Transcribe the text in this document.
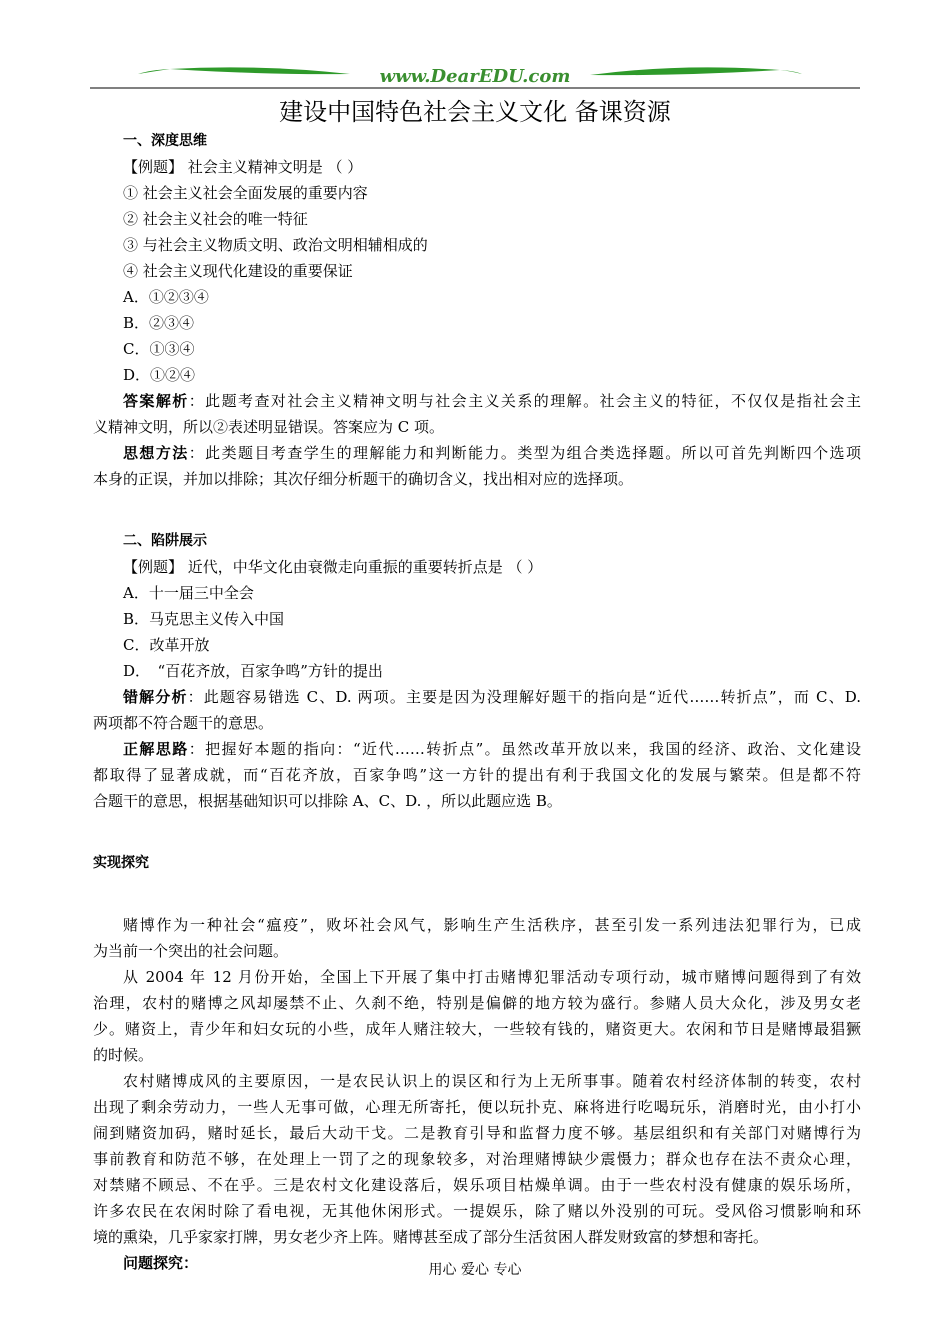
www.DearEDU.com
建设中国特色社会主义文化 备课资源
一、深度思维
【例题】 社会主义精神文明是 （ ）
① 社会主义社会全面发展的重要内容
② 社会主义社会的唯一特征
③ 与社会主义物质文明、政治文明相辅相成的
④ 社会主义现代化建设的重要保证
A．①②③④
B．②③④
C．①③④
D．①②④
答案解析：此题考查对社会主义精神文明与社会主义关系的理解。社会主义的特征，不仅仅是指社会主
义精神文明，所以②表述明显错误。答案应为 C 项。
思想方法：此类题目考查学生的理解能力和判断能力。类型为组合类选择题。所以可首先判断四个选项
本身的正误，并加以排除；其次仔细分析题干的确切含义，找出相对应的选择项。
二、陷阱展示
【例题】 近代，中华文化由衰微走向重振的重要转折点是 （ ）
A．十一届三中全会
B．马克思主义传入中国
C．改革开放
D．　“百花齐放，百家争鸣”方针的提出
错解分析：此题容易错选 C、D. 两项。主要是因为没理解好题干的指向是“近代……转折点”，而 C、D.
两项都不符合题干的意思。
正解思路：把握好本题的指向：“近代……转折点”。虽然改革开放以来，我国的经济、政治、文化建设
都取得了显著成就，而“百花齐放，百家争鸣”这一方针的提出有利于我国文化的发展与繁荣。但是都不符
合题干的意思，根据基础知识可以排除 A、C、D. ，所以此题应选 B。
实现探究
赌博作为一种社会“瘟疫”，败坏社会风气，影响生产生活秩序，甚至引发一系列违法犯罪行为，已成
为当前一个突出的社会问题。
从 2004 年 12 月份开始，全国上下开展了集中打击赌博犯罪活动专项行动，城市赌博问题得到了有效
治理，农村的赌博之风却屡禁不止、久刹不绝，特别是偏僻的地方较为盛行。参赌人员大众化，涉及男女老
少。赌资上，青少年和妇女玩的小些，成年人赌注较大，一些较有钱的，赌资更大。农闲和节日是赌博最猖獗
的时候。
农村赌博成风的主要原因，一是农民认识上的误区和行为上无所事事。随着农村经济体制的转变，农村
出现了剩余劳动力，一些人无事可做，心理无所寄托，便以玩扑克、麻将进行吃喝玩乐，消磨时光，由小打小
闹到赌资加码，赌时延长，最后大动干戈。二是教育引导和监督力度不够。基层组织和有关部门对赌博行为
事前教育和防范不够，在处理上一罚了之的现象较多，对治理赌博缺少震慑力；群众也存在法不责众心理，
对禁赌不顾忌、不在乎。三是农村文化建设落后，娱乐项目枯燥单调。由于一些农村没有健康的娱乐场所，
许多农民在农闲时除了看电视，无其他休闲形式。一提娱乐，除了赌以外没别的可玩。受风俗习惯影响和环
境的熏染，几乎家家打牌，男女老少齐上阵。赌博甚至成了部分生活贫困人群发财致富的梦想和寄托。
问题探究：	用心 爱心 专心
